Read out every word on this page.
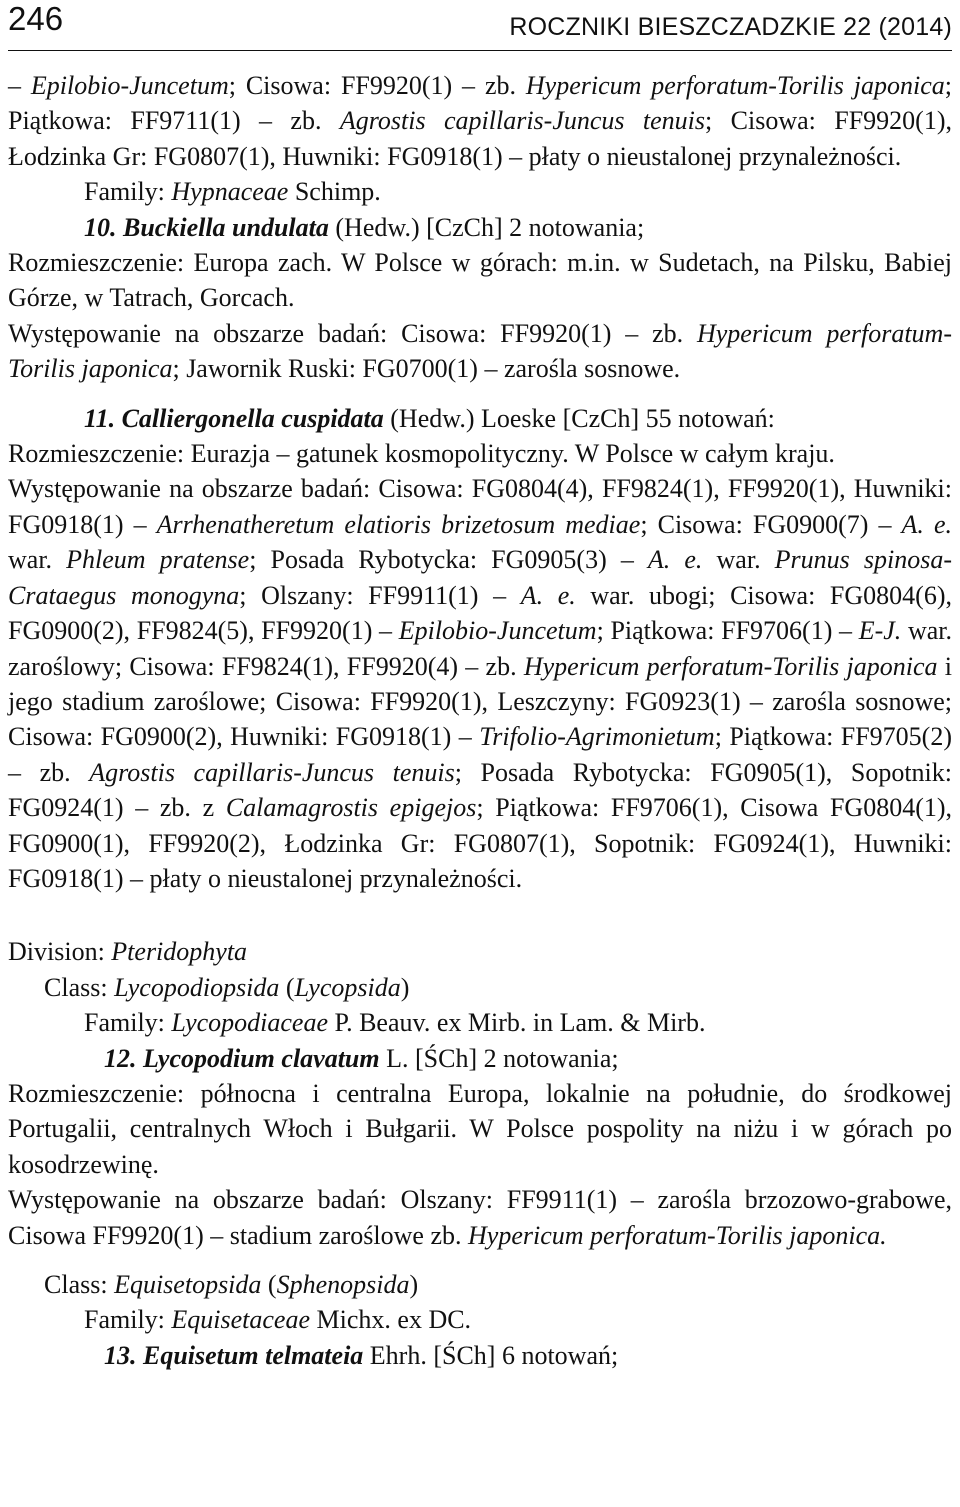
246	ROCZNIKI BIESZCZADZKIE 22 (2014)

– Epilobio-Juncetum; Cisowa: FF9920(1) – zb. Hypericum perforatum-Torilis japonica; Piątkowa: FF9711(1) – zb. Agrostis capillaris-Juncus tenuis; Cisowa: FF9920(1), Łodzinka Gr: FG0807(1), Huwniki: FG0918(1) – płaty o nieustalonej przynależności.

Family: Hypnaceae Schimp.

10. Buckiella undulata (Hedw.) [CzCh] 2 notowania;

Rozmieszczenie: Europa zach. W Polsce w górach: m.in. w Sudetach, na Pilsku, Babiej Górze, w Tatrach, Gorcach.

Występowanie na obszarze badań: Cisowa: FF9920(1) – zb. Hypericum perforatum-Torilis japonica; Jawornik Ruski: FG0700(1) – zarośla sosnowe.

11. Calliergonella cuspidata (Hedw.) Loeske [CzCh] 55 notowań:

Rozmieszczenie: Eurazja – gatunek kosmopolityczny. W Polsce w całym kraju.

Występowanie na obszarze badań: Cisowa: FG0804(4), FF9824(1), FF9920(1), Huwniki: FG0918(1) – Arrhenatheretum elatioris brizetosum mediae; Cisowa: FG0900(7) – A. e. war. Phleum pratense; Posada Rybotycka: FG0905(3) – A. e. war. Prunus spinosa-Crataegus monogyna; Olszany: FF9911(1) – A. e. war. ubogi; Cisowa: FG0804(6), FG0900(2), FF9824(5), FF9920(1) – Epilobio-Juncetum; Piątkowa: FF9706(1) – E-J. war. zaroślowy; Cisowa: FF9824(1), FF9920(4) – zb. Hypericum perforatum-Torilis japonica i jego stadium zaroślowe; Cisowa: FF9920(1), Leszczyny: FG0923(1) – zarośla sosnowe; Cisowa: FG0900(2), Huwniki: FG0918(1) – Trifolio-Agrimonietum; Piątkowa: FF9705(2) – zb. Agrostis capillaris-Juncus tenuis; Posada Rybotycka: FG0905(1), Sopotnik: FG0924(1) – zb. z Calamagrostis epigejos; Piątkowa: FF9706(1), Cisowa FG0804(1), FG0900(1), FF9920(2), Łodzinka Gr: FG0807(1), Sopotnik: FG0924(1), Huwniki: FG0918(1) – płaty o nieustalonej przynależności.

Division: Pteridophyta

Class: Lycopodiopsida (Lycopsida)

Family: Lycopodiaceae P. Beauv. ex Mirb. in Lam. & Mirb.

12. Lycopodium clavatum L. [ŚCh] 2 notowania;

Rozmieszczenie: północna i centralna Europa, lokalnie na południe, do środkowej Portugalii, centralnych Włoch i Bułgarii. W Polsce pospolity na niżu i w górach po kosodrzewinę.

Występowanie na obszarze badań: Olszany: FF9911(1) – zarośla brzozowo-grabowe, Cisowa FF9920(1) – stadium zaroślowe zb. Hypericum perforatum-Torilis japonica.

Class: Equisetopsida (Sphenopsida)

Family: Equisetaceae Michx. ex DC.

13. Equisetum telmateia Ehrh. [ŚCh] 6 notowań;
